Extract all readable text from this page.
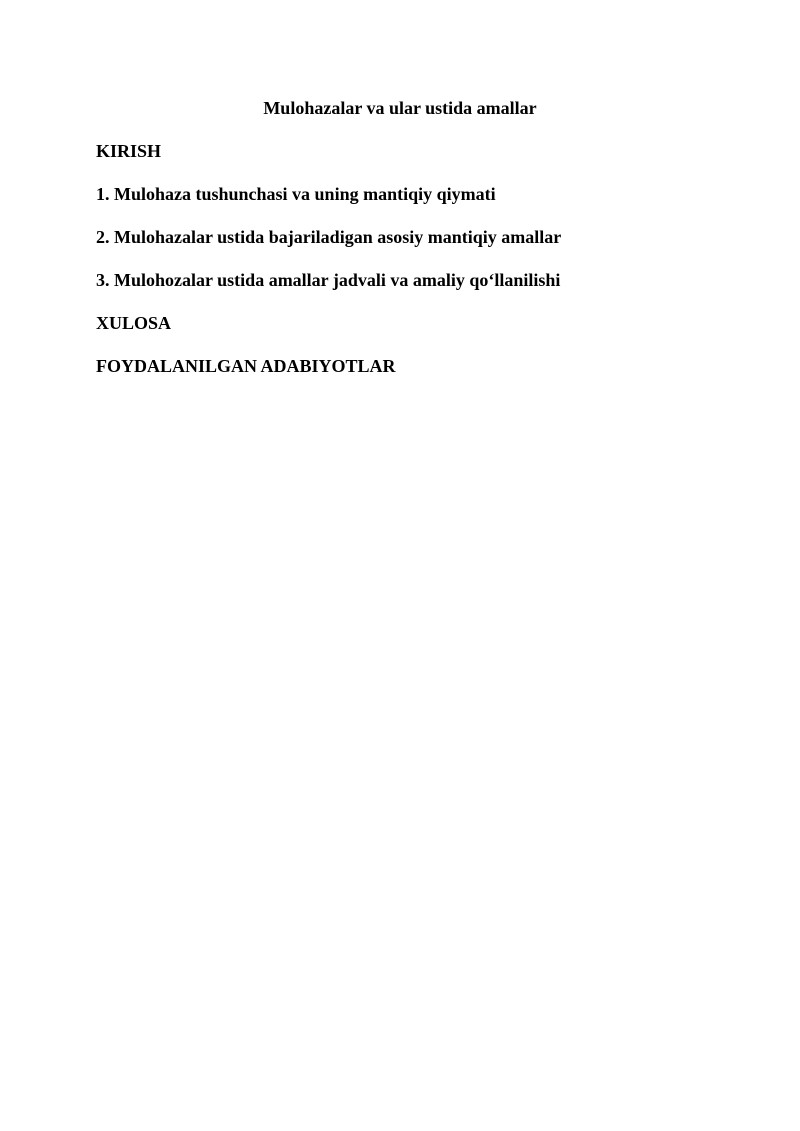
Mulohazalar va ular ustida amallar
KIRISH
1. Mulohaza tushunchasi va uning mantiqiy qiymati
2. Mulohazalar ustida bajariladigan asosiy mantiqiy amallar
3. Mulohozalar ustida amallar jadvali va amaliy qo‘llanilishi
XULOSA
FOYDALANILGAN ADABIYOTLAR
